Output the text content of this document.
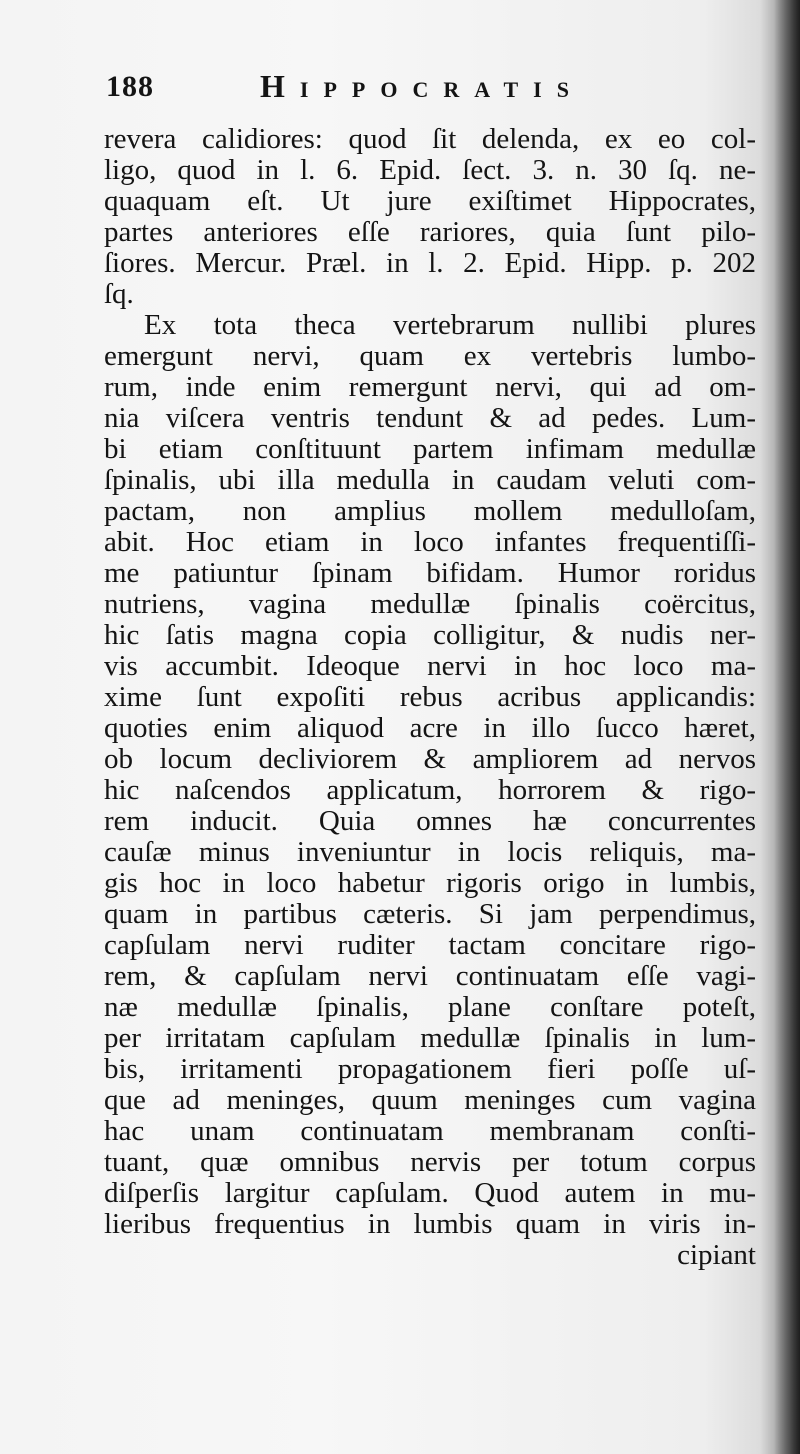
188	Hippocratis
revera calidiores: quod ſit delenda, ex eo col-
ligo, quod in l. 6. Epid. ſect. 3. n. 30 ſq. ne-
quaquam eſt. Ut jure exiſtimet Hippocrates,
partes anteriores eſſe rariores, quia ſunt pilo-
ſiores. Mercur. Præl. in l. 2. Epid. Hipp. p. 202
ſq.
Ex tota theca vertebrarum nullibi plures
emergunt nervi, quam ex vertebris lumbo-
rum, inde enim remergunt nervi, qui ad om-
nia viſcera ventris tendunt & ad pedes. Lum-
bi etiam conſtituunt partem infimam medullæ
ſpinalis, ubi illa medulla in caudam veluti com-
pactam, non amplius mollem medulloſam,
abit. Hoc etiam in loco infantes frequentiſſi-
me patiuntur ſpinam bifidam. Humor roridus
nutriens, vagina medullæ ſpinalis coërcitus,
hic ſatis magna copia colligitur, & nudis ner-
vis accumbit. Ideoque nervi in hoc loco ma-
xime ſunt expoſiti rebus acribus applicandis:
quoties enim aliquod acre in illo ſucco hæret,
ob locum decliviorem & ampliorem ad nervos
hic naſcendos applicatum, horrorem & rigo-
rem inducit. Quia omnes hæ concurrentes
cauſæ minus inveniuntur in locis reliquis, ma-
gis hoc in loco habetur rigoris origo in lumbis,
quam in partibus cæteris. Si jam perpendimus,
capſulam nervi ruditer tactam concitare rigo-
rem, & capſulam nervi continuatam eſſe vagi-
næ medullæ ſpinalis, plane conſtare poteſt,
per irritatam capſulam medullæ ſpinalis in lum-
bis, irritamenti propagationem fieri poſſe uſ-
que ad meninges, quum meninges cum vagina
hac unam continuatam membranam conſti-
tuant, quæ omnibus nervis per totum corpus
diſperſis largitur capſulam. Quod autem in mu-
lieribus frequentius in lumbis quam in viris in-
cipiant
